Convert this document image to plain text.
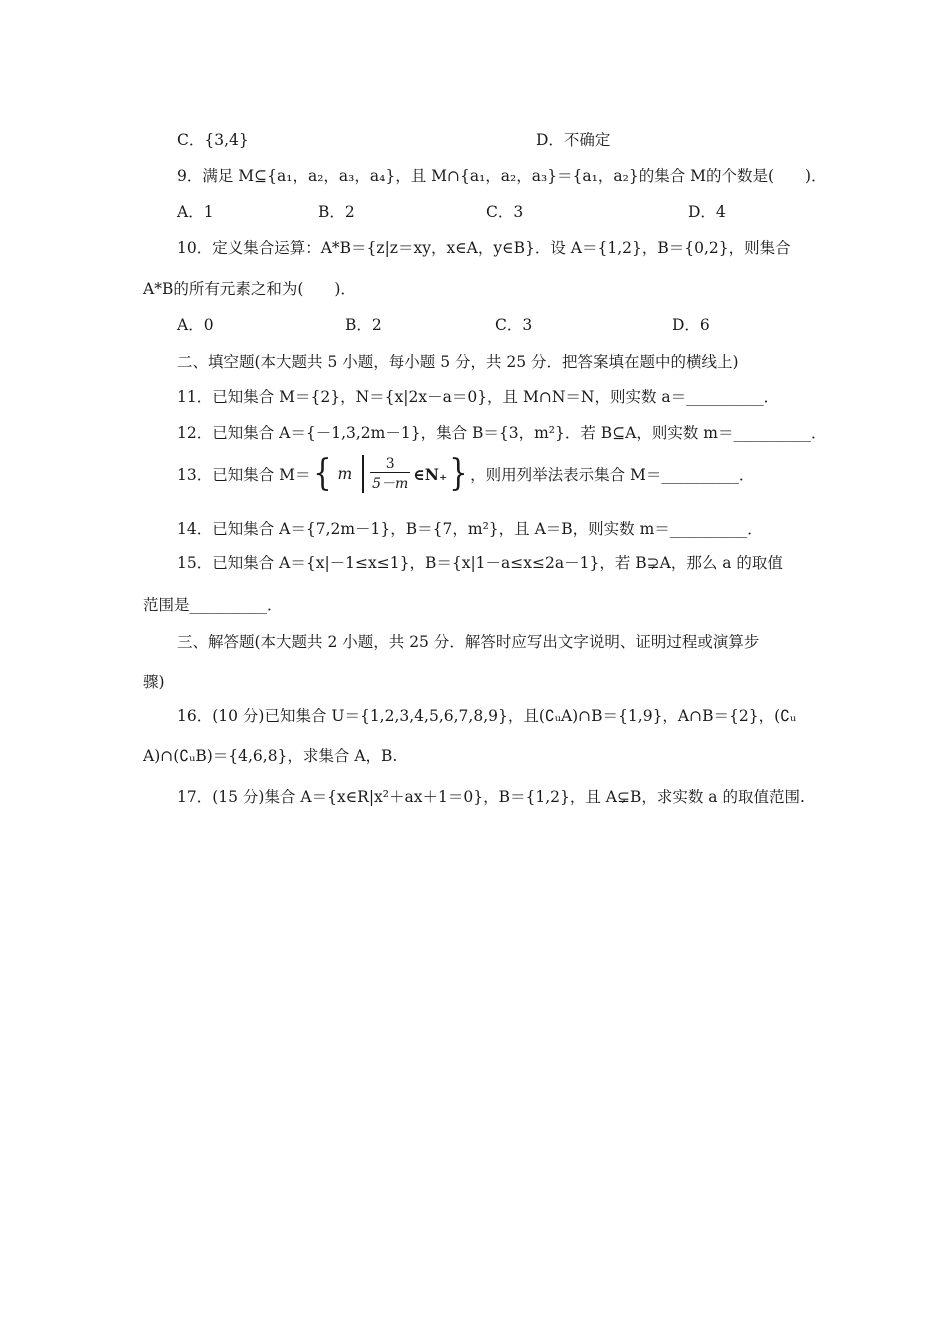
C．{3,4}	D．不确定
9．满足 M⊆{a₁，a₂，a₃，a₄}，且 M∩{a₁，a₂，a₃}＝{a₁，a₂}的集合 M的个数是(　　)．
A．1	B．2	C．3	D．4
10．定义集合运算：A*B＝{z|z＝xy，x∈A，y∈B}．设 A＝{1,2}，B＝{0,2}，则集合
A*B的所有元素之和为(　　)．
A．0	B．2	C．3	D．6
二、填空题(本大题共 5 小题，每小题 5 分，共 25 分．把答案填在题中的横线上)
11．已知集合 M＝{2}，N＝{x|2x－a＝0}，且 M∩N＝N，则实数 a＝__________．
12．已知集合 A＝{－1,3,2m－1}，集合 B＝{3，m²}．若 B⊆A，则实数 m＝__________．
13．已知集合 M＝ { m $\frac{3}{5-m}$ ∈N₊ } ，则用列举法表示集合 M＝__________．
14．已知集合 A＝{7,2m－1}，B＝{7，m²}，且 A＝B，则实数 m＝__________．
15．已知集合 A＝{x|－1≤x≤1}，B＝{x|1－a≤x≤2a－1}，若 B⊋A，那么 a 的取值
范围是__________．
三、解答题(本大题共 2 小题，共 25 分．解答时应写出文字说明、证明过程或演算步
骤)
16．(10 分)已知集合 U＝{1,2,3,4,5,6,7,8,9}，且(∁ᵤA)∩B＝{1,9}，A∩B＝{2}，(∁ᵤ
A)∩(∁ᵤB)＝{4,6,8}，求集合 A，B.
17．(15 分)集合 A＝{x∈R|x²＋ax＋1＝0}，B＝{1,2}，且 A⊊B，求实数 a 的取值范围.
